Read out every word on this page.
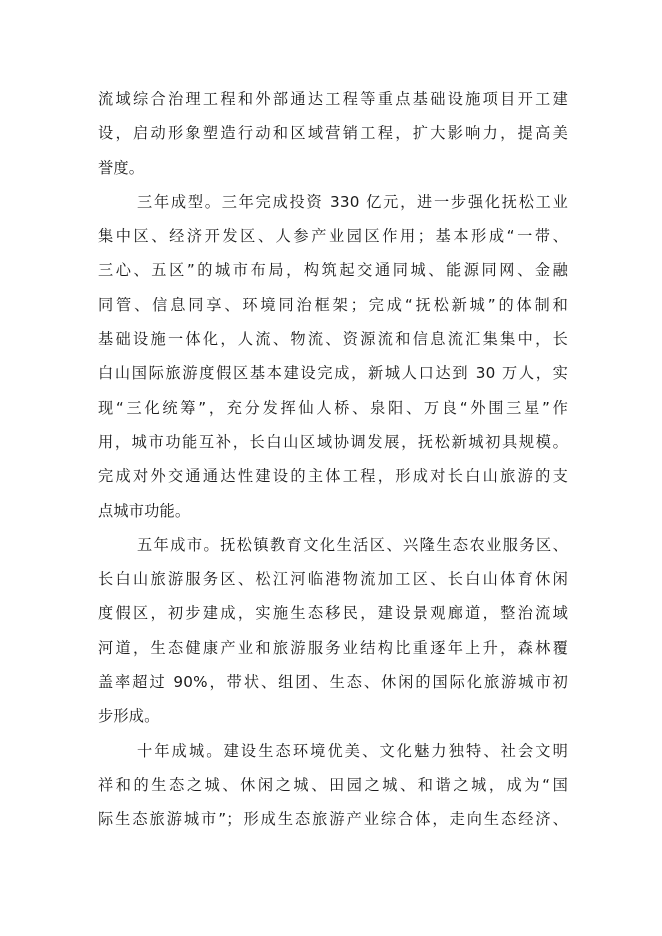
流域综合治理工程和外部通达工程等重点基础设施项目开工建
设，启动形象塑造行动和区域营销工程，扩大影响力，提高美
誉度。
三年成型。三年完成投资 330 亿元，进一步强化抚松工业
集中区、经济开发区、人参产业园区作用；基本形成“一带、
三心、五区”的城市布局，构筑起交通同城、能源同网、金融
同管、信息同享、环境同治框架；完成“抚松新城”的体制和
基础设施一体化，人流、物流、资源流和信息流汇集集中，长
白山国际旅游度假区基本建设完成，新城人口达到 30 万人，实
现“三化统筹”，充分发挥仙人桥、泉阳、万良“外围三星”作
用，城市功能互补，长白山区域协调发展，抚松新城初具规模。
完成对外交通通达性建设的主体工程，形成对长白山旅游的支
点城市功能。
五年成市。抚松镇教育文化生活区、兴隆生态农业服务区、
长白山旅游服务区、松江河临港物流加工区、长白山体育休闲
度假区，初步建成，实施生态移民，建设景观廊道，整治流域
河道，生态健康产业和旅游服务业结构比重逐年上升，森林覆
盖率超过 90%，带状、组团、生态、休闲的国际化旅游城市初
步形成。
十年成城。建设生态环境优美、文化魅力独特、社会文明
祥和的生态之城、休闲之城、田园之城、和谐之城，成为“国
际生态旅游城市”；形成生态旅游产业综合体，走向生态经济、
